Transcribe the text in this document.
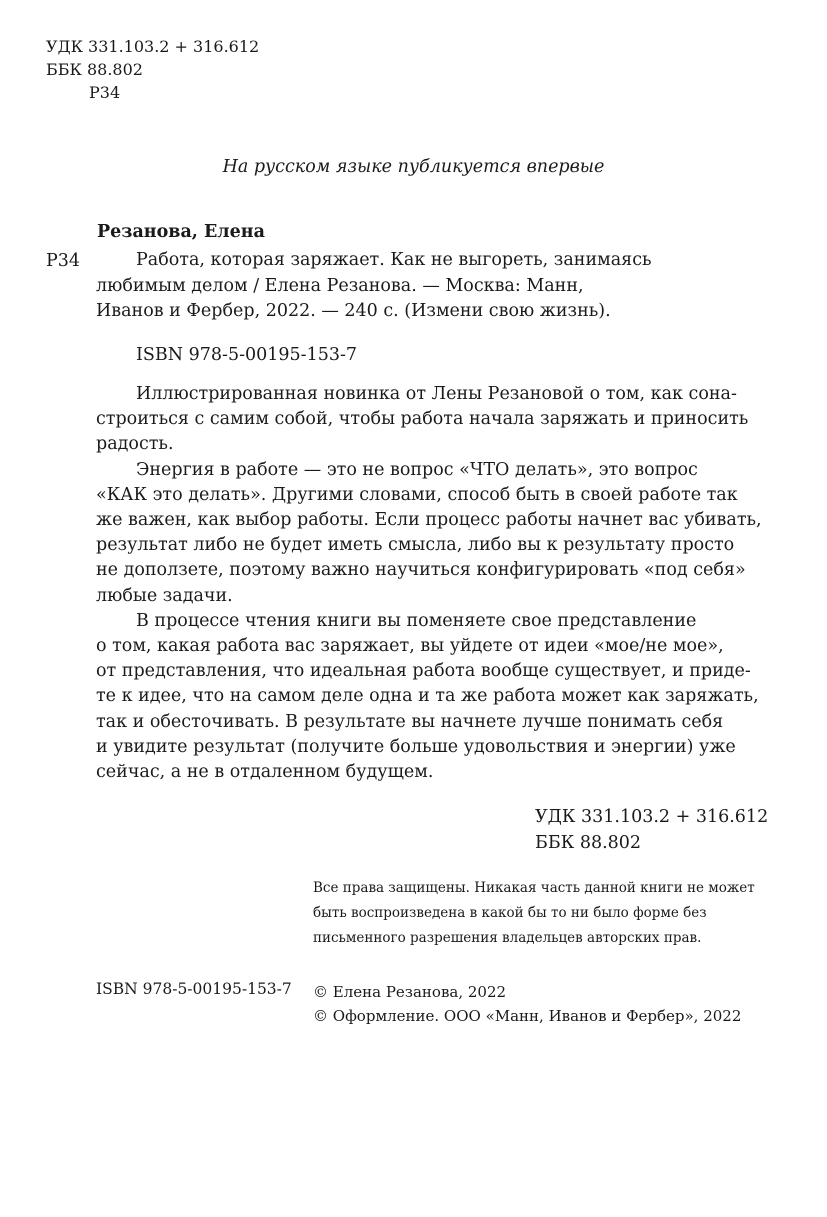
УДК 331.103.2 + 316.612
ББК 88.802
Р34
На русском языке публикуется впервые
Резанова, Елена
Р34	Работа, которая заряжает. Как не выгореть, занимаясь
любимым делом / Елена Резанова. — Москва: Манн,
Иванов и Фербер, 2022. — 240 с. (Измени свою жизнь).
ISBN 978-5-00195-153-7
Иллюстрированная новинка от Лены Резановой о том, как сона-
строиться с самим собой, чтобы работа начала заряжать и приносить
радость.
Энергия в работе — это не вопрос «ЧТО делать», это вопрос
«КАК это делать». Другими словами, способ быть в своей работе так
же важен, как выбор работы. Если процесс работы начнет вас убивать,
результат либо не будет иметь смысла, либо вы к результату просто
не доползете, поэтому важно научиться конфигурировать «под себя»
любые задачи.
В процессе чтения книги вы поменяете свое представление
о том, какая работа вас заряжает, вы уйдете от идеи «мое/не мое»,
от представления, что идеальная работа вообще существует, и приде-
те к идее, что на самом деле одна и та же работа может как заряжать,
так и обесточивать. В результате вы начнете лучше понимать себя
и увидите результат (получите больше удовольствия и энергии) уже
сейчас, а не в отдаленном будущем.
УДК 331.103.2 + 316.612
ББК 88.802
Все права защищены. Никакая часть данной книги не может
быть воспроизведена в какой бы то ни было форме без
письменного разрешения владельцев авторских прав.
ISBN 978-5-00195-153-7 © Елена Резанова, 2022
© Оформление. ООО «Манн, Иванов и Фербер», 2022
